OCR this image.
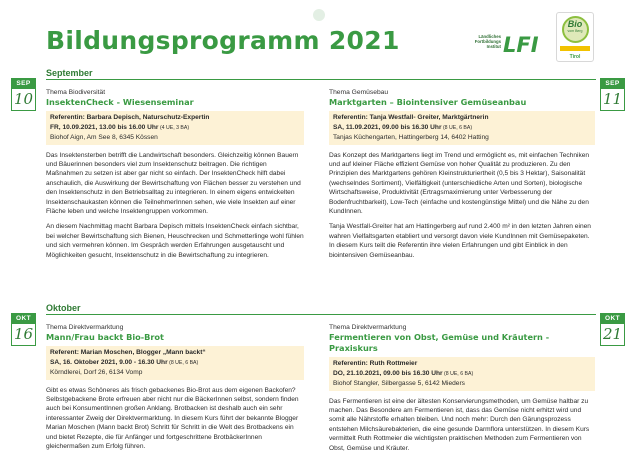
Bildungsprogramm 2021	Ländliches
Fortbildungs
Institut LFI
Bio
vom Berg
Tirol
September
SEP
10
SEP
11
Thema Biodiversität
InsektenCheck - Wiesenseminar
Referentin: Barbara Depisch, Naturschutz-Expertin
FR, 10.09.2021, 13.00 bis 16.00 Uhr (4 UE, 3 BA)
Biohof Aign, Am See 8, 6345 Kössen

Das Insektensterben betrifft die Landwirtschaft besonders. Gleichzeitig können Bauern und Bäuerinnen besonders viel zum Insektenschutz beitragen. Die richtigen Maßnahmen zu setzen ist aber gar nicht so einfach. Der InsektenCheck hilft dabei anschaulich, die Auswirkung der Bewirtschaftung von Flächen besser zu verstehen und den Insektenschutz in den Betriebsalltag zu integrieren. In einem eigens entwickelten Insektenschaukasten können die TeilnehmerInnen sehen, wie viele Insekten auf einer Fläche leben und welche Insektengruppen vorkommen.

An diesem Nachmittag macht Barbara Depisch mittels InsektenCheck einfach sichtbar, bei welcher Bewirtschaftung sich Bienen, Heuschrecken und Schmetterlinge wohl fühlen und sich vermehren können. Im Gespräch werden Erfahrungen ausgetauscht und Möglichkeiten gesucht, Insektenschutz in die Bewirtschaftung zu integrieren.

Thema Gemüsebau
Marktgarten – Biointensiver Gemüseanbau
Referentin: Tanja Westfall- Greiter, Marktgärtnerin
SA, 11.09.2021, 09.00 bis 16.30 Uhr (8 UE, 6 BA)
Tanjas Küchengarten, Hattingerberg 14, 6402 Hatting

Das Konzept des Marktgartens liegt im Trend und ermöglicht es, mit einfachen Techniken und auf kleiner Fläche effizient Gemüse von hoher Qualität zu produzieren. Zu den Prinzipien des Marktgartens gehören Kleinstrukturiertheit (0,5 bis 3 Hektar), Saisonalität (wechselndes Sortiment), Vielfältigkeit (unterschiedliche Arten und Sorten), biologische Wirtschaftsweise, Produktivität (Ertragsmaximierung unter Verbesserung der Bodenfruchtbarkeit), Low-Tech (einfache und kostengünstige Mittel) und die Nähe zu den KundInnen.

Tanja Westfall-Greiter hat am Hattingerberg auf rund 2.400 m² in den letzten Jahren einen wahren Vielfaltsgarten etabliert und versorgt davon viele KundInnen mit Gemüsepaketen. In diesem Kurs teilt die Referentin ihre vielen Erfahrungen und gibt Einblick in den biointensiven Gemüseanbau.

Oktober
OKT
16
OKT
21
Thema Direktvermarktung
Mann/Frau backt Bio-Brot
Referent: Marian Moschen, Blogger „Mann backt“
SA, 16. Oktober 2021, 9.00 - 16.30 Uhr (8 UE, 6 BA)
Körndlerei, Dorf 26, 6134 Vomp

Gibt es etwas Schöneres als frisch gebackenes Bio-Brot aus dem eigenen Backofen? Selbstgebackene Brote erfreuen aber nicht nur die BäckerInnen selbst, sondern finden auch bei KonsumentInnen großen Anklang. Brotbacken ist deshalb auch ein sehr interessanter Zweig der Direktvermarktung. In diesem Kurs führt der bekannte Blogger Marian Moschen (Mann backt Brot) Schritt für Schritt in die Welt des Brotbackens ein und bietet Rezepte, die für Anfänger und fortgeschrittene BrotbäckerInnen gleichermaßen zum Erfolg führen.

Thema Direktvermarktung
Fermentieren von Obst, Gemüse und Kräutern - Praxiskurs
Referentin: Ruth Rottmeier
DO, 21.10.2021, 09.00 bis 16.30 Uhr (8 UE, 6 BA)
Biohof Stangler, Silbergasse 5, 6142 Mieders

Das Fermentieren ist eine der ältesten Konservierungsmethoden, um Gemüse haltbar zu machen. Das Besondere am Fermentieren ist, dass das Gemüse nicht erhitzt wird und somit alle Nährstoffe erhalten bleiben. Und noch mehr: Durch den Gärungsprozess entstehen Milchsäurebakterien, die eine gesunde Darmflora unterstützen. In diesem Kurs vermittelt Ruth Rottmeier die wichtigsten praktischen Methoden zum Fermentieren von Obst, Gemüse und Kräuter.
